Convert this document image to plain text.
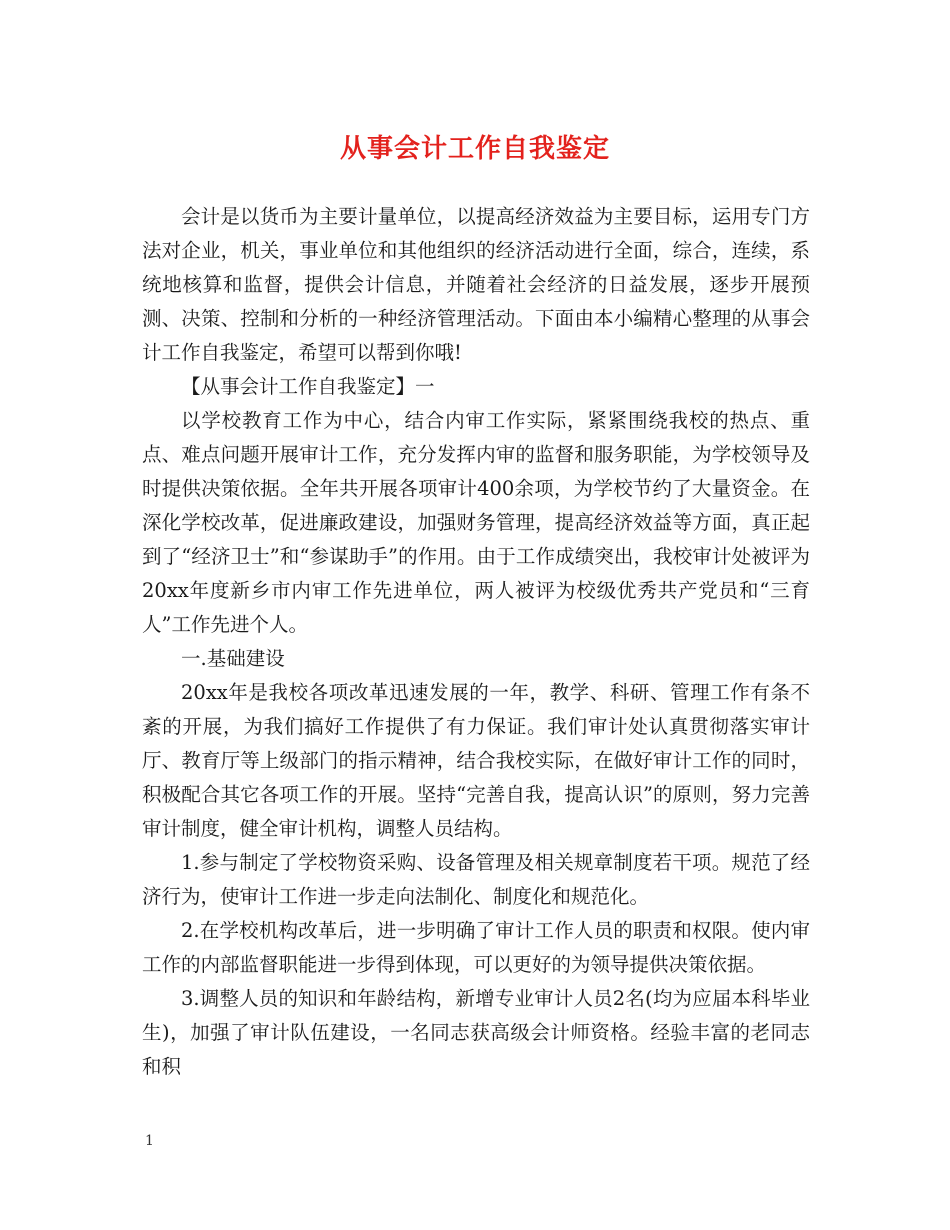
从事会计工作自我鉴定

会计是以货币为主要计量单位，以提高经济效益为主要目标，运用专门方法对企业，机关，事业单位和其他组织的经济活动进行全面，综合，连续，系统地核算和监督，提供会计信息，并随着社会经济的日益发展，逐步开展预测、决策、控制和分析的一种经济管理活动。下面由本小编精心整理的从事会计工作自我鉴定，希望可以帮到你哦!

【从事会计工作自我鉴定】一

以学校教育工作为中心，结合内审工作实际，紧紧围绕我校的热点、重点、难点问题开展审计工作，充分发挥内审的监督和服务职能，为学校领导及时提供决策依据。全年共开展各项审计400余项，为学校节约了大量资金。在深化学校改革，促进廉政建设，加强财务管理，提高经济效益等方面，真正起到了“经济卫士”和“参谋助手”的作用。由于工作成绩突出，我校审计处被评为20xx年度新乡市内审工作先进单位，两人被评为校级优秀共产党员和“三育人”工作先进个人。

一.基础建设

20xx年是我校各项改革迅速发展的一年，教学、科研、管理工作有条不紊的开展，为我们搞好工作提供了有力保证。我们审计处认真贯彻落实审计厅、教育厅等上级部门的指示精神，结合我校实际，在做好审计工作的同时，积极配合其它各项工作的开展。坚持“完善自我，提高认识”的原则，努力完善审计制度，健全审计机构，调整人员结构。

1.参与制定了学校物资采购、设备管理及相关规章制度若干项。规范了经济行为，使审计工作进一步走向法制化、制度化和规范化。

2.在学校机构改革后，进一步明确了审计工作人员的职责和权限。使内审工作的内部监督职能进一步得到体现，可以更好的为领导提供决策依据。

3.调整人员的知识和年龄结构，新增专业审计人员2名(均为应届本科毕业生)，加强了审计队伍建设，一名同志获高级会计师资格。经验丰富的老同志和积

1
